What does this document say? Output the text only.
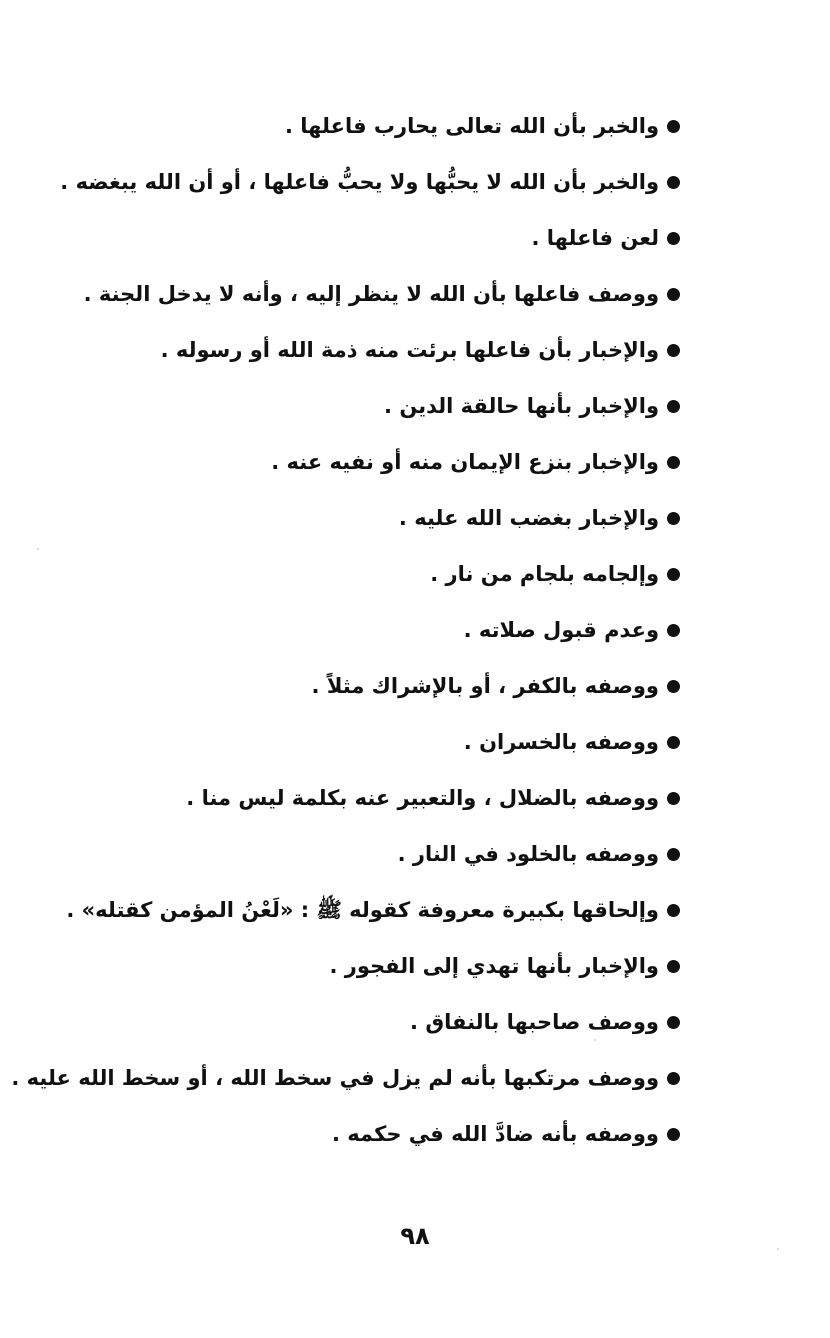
والخبر بأن الله تعالى يحارب فاعلها .
والخبر بأن الله لا يحبُّها ولا يحبُّ فاعلها ، أو أن الله يبغضه .
لعن فاعلها .
ووصف فاعلها بأن الله لا ينظر إليه ، وأنه لا يدخل الجنة .
والإخبار بأن فاعلها برئت منه ذمة الله أو رسوله .
والإخبار بأنها حالقة الدين .
والإخبار بنزع الإيمان منه أو نفيه عنه .
والإخبار بغضب الله عليه .
وإلجامه بلجام من نار .
وعدم قبول صلاته .
ووصفه بالكفر ، أو بالإشراك مثلاً .
ووصفه بالخسران .
ووصفه بالضلال ، والتعبير عنه بكلمة ليس منا .
ووصفه بالخلود في النار .
وإلحاقها بكبيرة معروفة كقوله ﷺ : «لَعْنُ المؤمن كقتله» .
والإخبار بأنها تهدي إلى الفجور .
ووصف صاحبها بالنفاق .
ووصف مرتكبها بأنه لم يزل في سخط الله ، أو سخط الله عليه .
ووصفه بأنه ضادَّ الله في حكمه .
٩٨
